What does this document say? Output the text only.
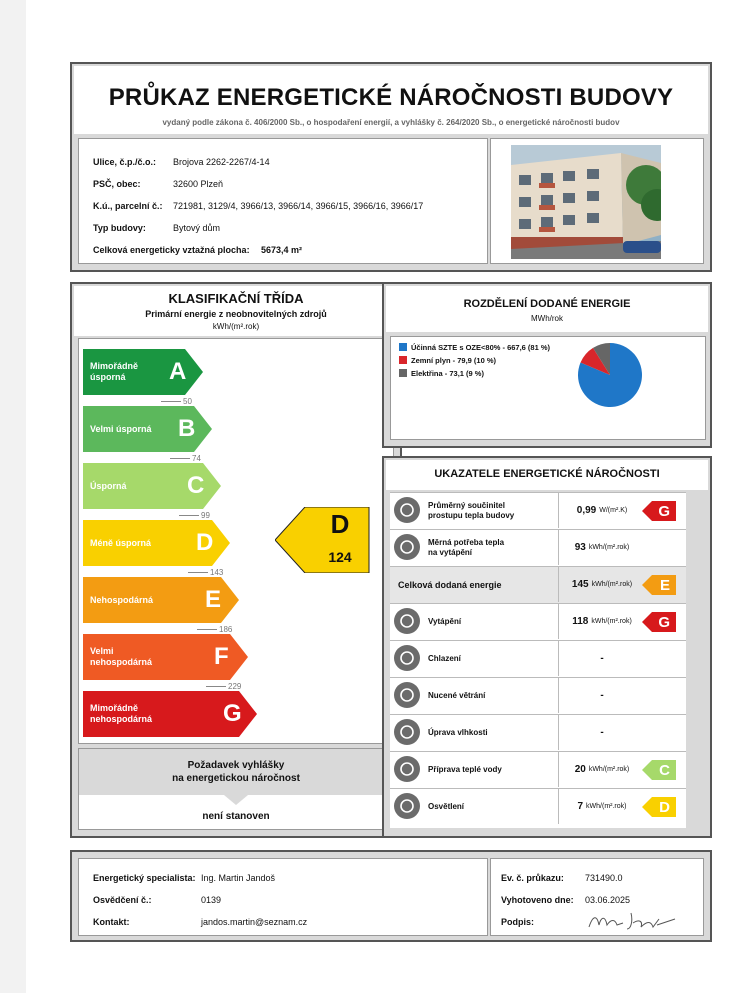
PRŮKAZ ENERGETICKÉ NÁROČNOSTI BUDOVY
vydaný podle zákona č. 406/2000 Sb., o hospodaření energií, a vyhlášky č. 264/2020 Sb., o energetické náročnosti budov
Ulice, č.p./č.o.: Brojova 2262-2267/4-14
PSČ, obec:	32600 Plzeň
K.ú., parcelní č.: 721981, 3129/4, 3966/13, 3966/14, 3966/15, 3966/16, 3966/17
Typ budovy:	Bytový dům
Celková energeticky vztažná plocha: 5673,4 m²
KLASIFIKAČNÍ TŘÍDA
Primární energie z neobnovitelných zdrojů
kWh/(m².rok)
Mimořádně úsporná	A
Velmi úsporná B
Úsporná	C
Méně úsporná D
Nehospodárná E
Velmi nehospodárná	F
Mimořádně nehospodárná	G
50
74
99
143
186
229
D
124
Požadavek vyhlášky
na energetickou náročnost
není stanoven
ROZDĚLENÍ DODANÉ ENERGIE
MWh/rok
Účinná SZTE s OZE<80% - 667,6 (81 %)
Zemní plyn - 79,9 (10 %)
Elektřina - 73,1 (9 %)
UKAZATELE ENERGETICKÉ NÁROČNOSTI
Průměrný součinitel
prostupu tepla budovy	0,99 W/(m².K) G
Měrná potřeba tepla
na vytápění	93 kWh/(m².rok)
Celková dodaná energie	145 kWh/(m².rok) E
Vytápění	118 kWh/(m².rok) G
Chlazení	-
Nucené větrání	-
Úprava vlhkosti	-
Příprava teplé vody	20 kWh/(m².rok) C
Osvětlení	7 kWh/(m².rok) D
Energetický specialista: Ing. Martin Jandoš
Osvědčení č.:	0139
Kontakt:	jandos.martin@seznam.cz
Ev. č. průkazu: 731490.0
Vyhotoveno dne: 03.06.2025
Podpis:
